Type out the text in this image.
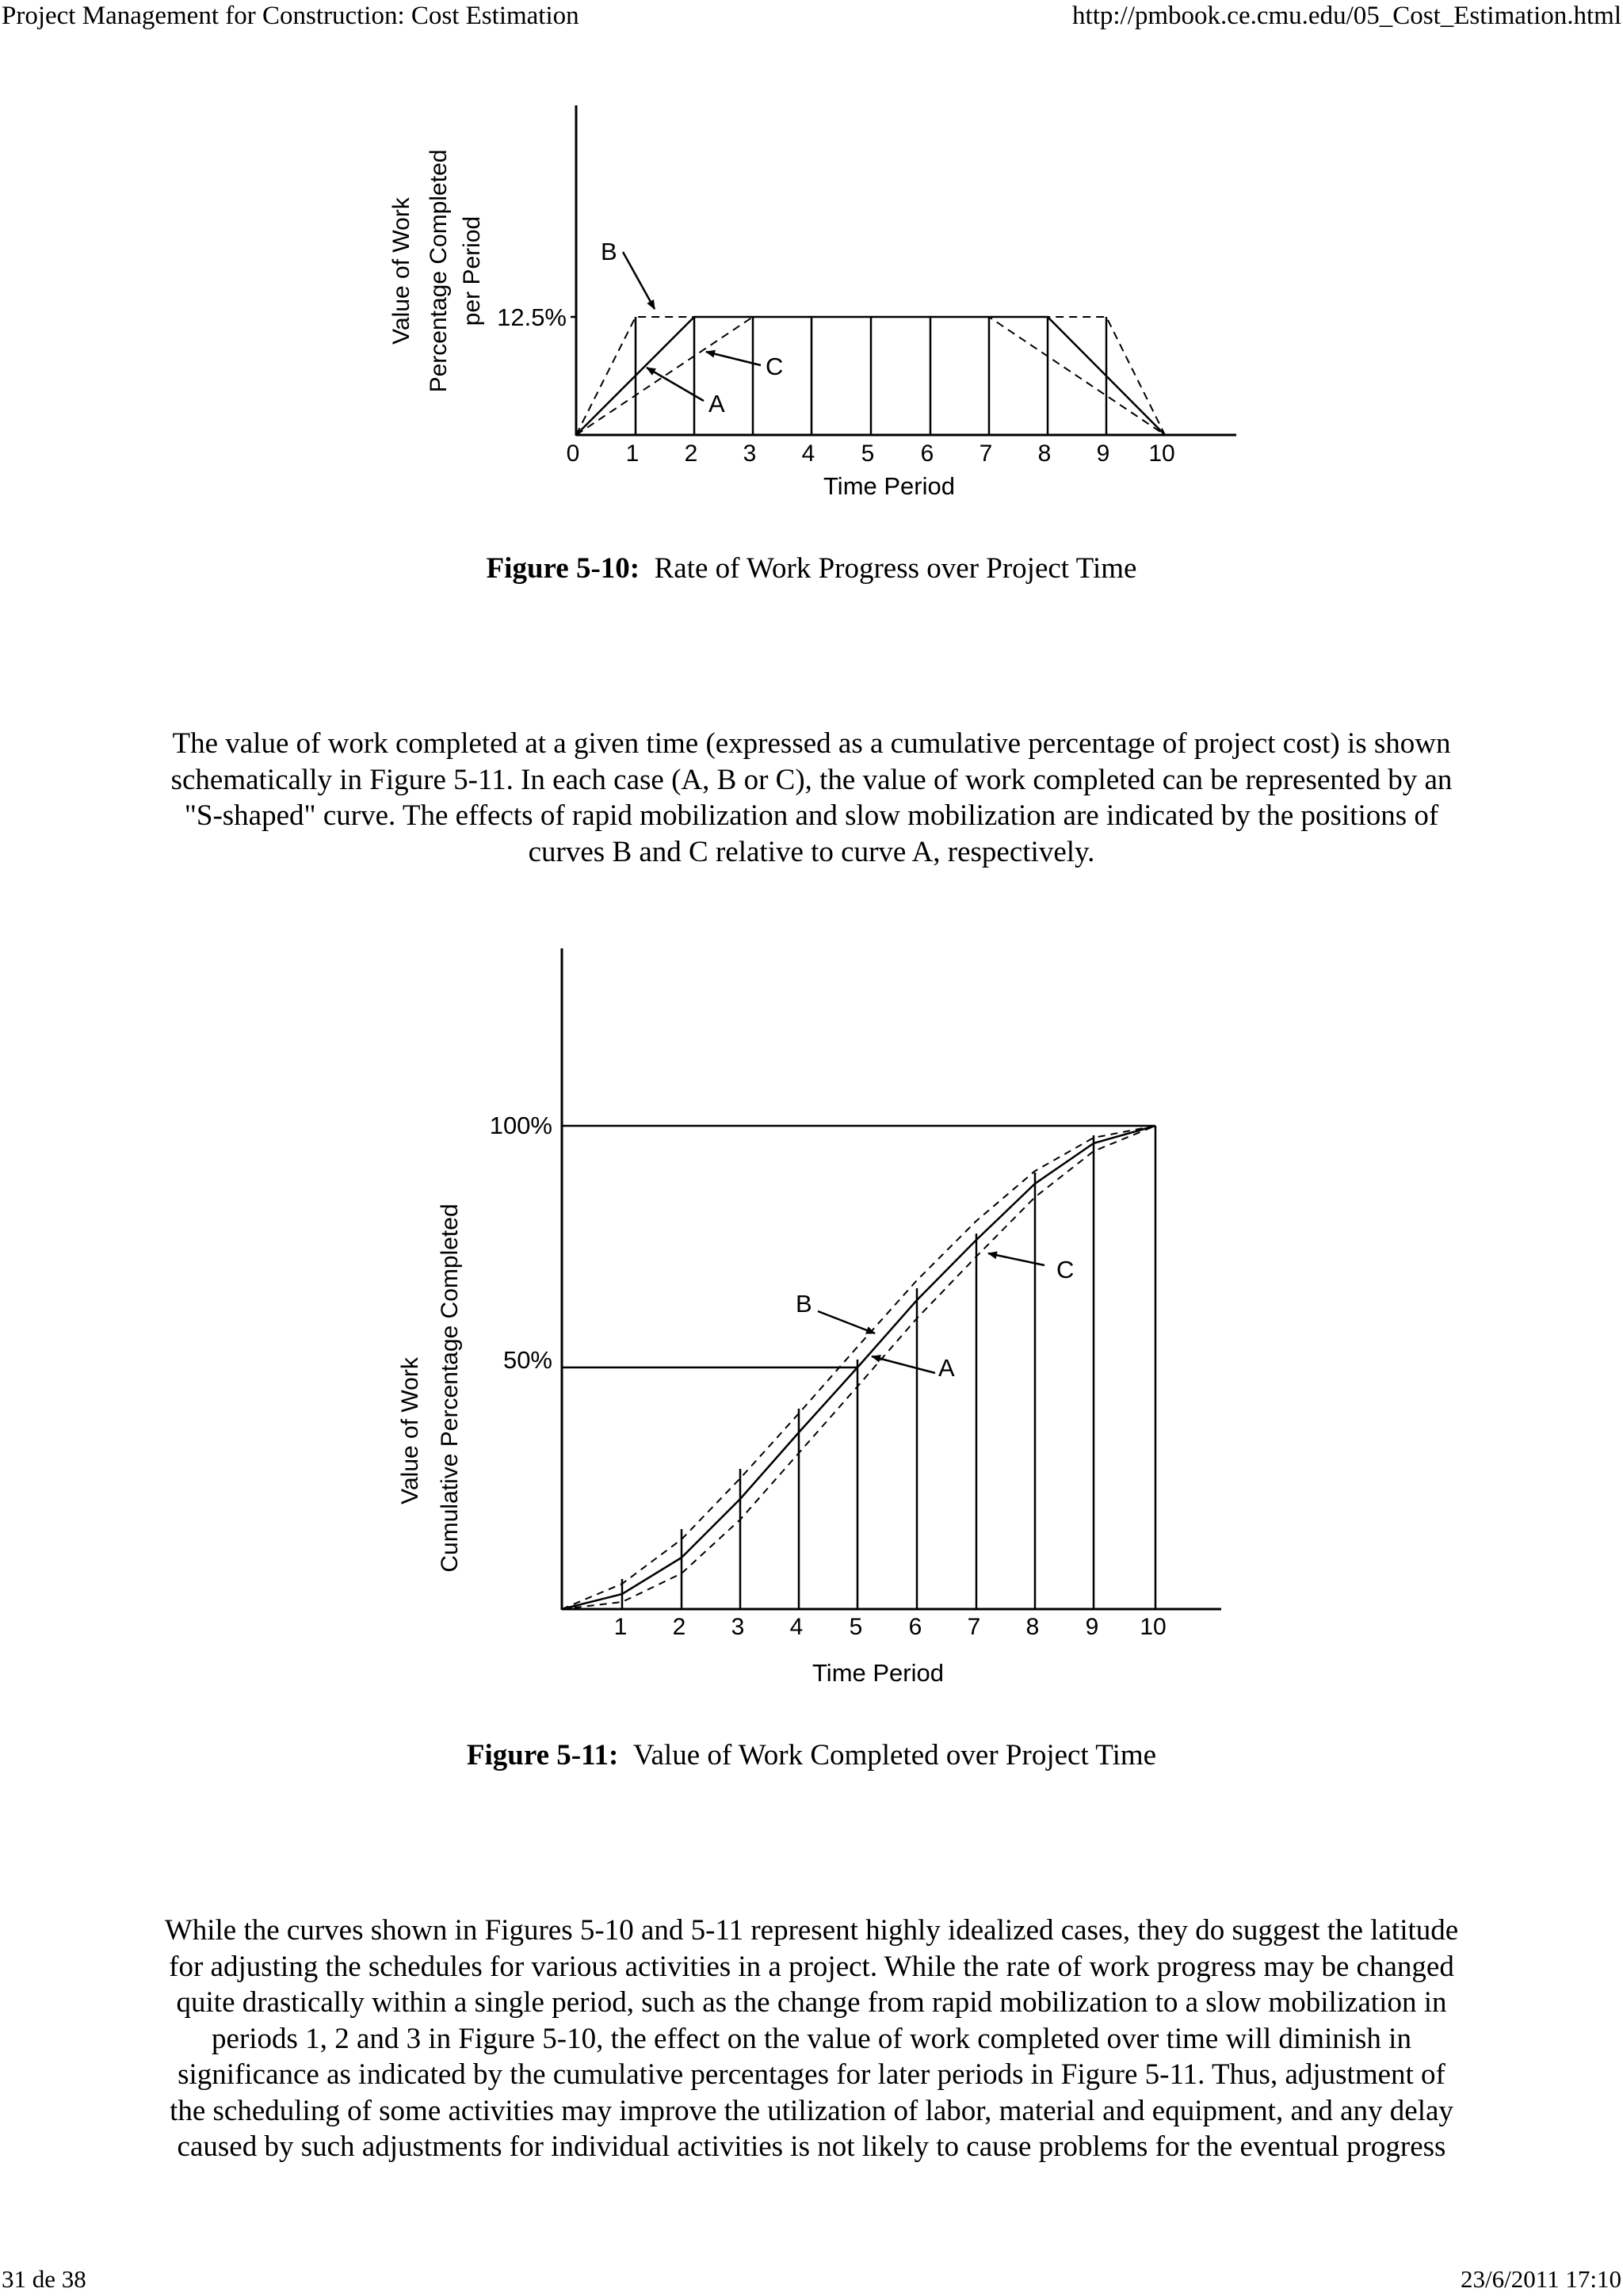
Project Management for Construction: Cost Estimation	http://pmbook.ce.cmu.edu/05_Cost_Estimation.html
B
C
A
12.5%
Value of Work Percentage Completed per Period
0 1 2 3 4 5 6 7 8 9 10
Time Period
B
A
C
100%
50%
Value of Work Cumulative Percentage Completed
1 2 3 4 5 6 7 8 9 10
Time Period
Figure 5-10: Rate of Work Progress over Project Time
The value of work completed at a given time (expressed as a cumulative percentage of project cost) is shown
schematically in Figure 5-11. In each case (A, B or C), the value of work completed can be represented by an
"S-shaped" curve. The effects of rapid mobilization and slow mobilization are indicated by the positions of
curves B and C relative to curve A, respectively.
Figure 5-11: Value of Work Completed over Project Time
While the curves shown in Figures 5-10 and 5-11 represent highly idealized cases, they do suggest the latitude
for adjusting the schedules for various activities in a project. While the rate of work progress may be changed
quite drastically within a single period, such as the change from rapid mobilization to a slow mobilization in
periods 1, 2 and 3 in Figure 5-10, the effect on the value of work completed over time will diminish in
significance as indicated by the cumulative percentages for later periods in Figure 5-11. Thus, adjustment of
the scheduling of some activities may improve the utilization of labor, material and equipment, and any delay
caused by such adjustments for individual activities is not likely to cause problems for the eventual progress
31 de 38	23/6/2011 17:10
